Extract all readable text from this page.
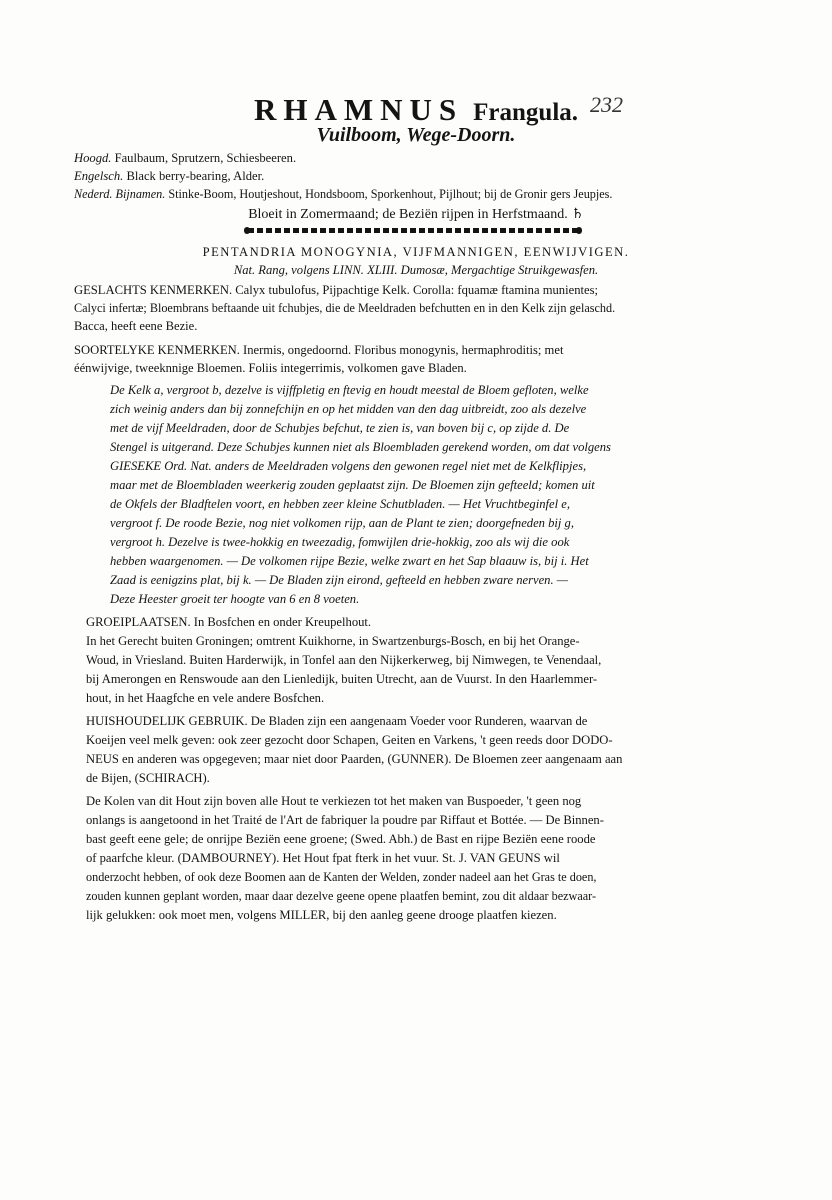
RHAMNUS Frangula. 232
Vuilboom, Wege-Doorn.
Hoogd. Faulbaum, Sprutzern, Schiesbeeren.
Engelsch. Black berry-bearing, Alder.
Nederd. Bijnamen. Stinke-Boom, Houtjeshout, Hondsboom, Sporkenhout, Pijlhout; bij de Gronir gers Jeupjes.
Bloeit in Zomermaand; de Beziën rijpen in Herfstmaand. ♄
PENTANDRIA MONOGYNIA, VIJFMANNIGEN, EENWIJVIGEN.
Nat. Rang, volgens LINN. XLIII. Dumosæ, Mergachtige Struikgewasfen.
GESLACHTS KENMERKEN. Calyx tubulofus, Pijpachtige Kelk. Corolla: fquamæ ftamina munientes;
Calyci infertæ; Bloembrans beftaande uit fchubjes, die de Meeldraden befchutten en in den Kelk zijn gelaschd.
Bacca, heeft eene Bezie.
SOORTELYKE KENMERKEN. Inermis, ongedoornd. Floribus monogynis, hermaphroditis; met
éénwijvige, tweeknnige Bloemen. Foliis integerrimis, volkomen gave Bladen.
De Kelk a, vergroot b, dezelve is vijffpletig en ftevig en houdt meestal de Bloem gefloten, welke
zich weinig anders dan bij zonnefchijn en op het midden van den dag uitbreidt, zoo als dezelve
met de vijf Meeldraden, door de Schubjes befchut, te zien is, van boven bij c, op zijde d. De
Stengel is uitgerand. Deze Schubjes kunnen niet als Bloembladen gerekend worden, om dat volgens
GIESEKE Ord. Nat. anders de Meeldraden volgens den gewonen regel niet met de Kelkflipjes,
maar met de Bloembladen weerkerig zouden geplaatst zijn. De Bloemen zijn gefteeld; komen uit
de Okfels der Bladftelen voort, en hebben zeer kleine Schutbladen. — Het Vruchtbeginfel e,
vergroot f. De roode Bezie, nog niet volkomen rijp, aan de Plant te zien; doorgefneden bij g,
vergroot h. Dezelve is twee-hokkig en tweezadig, fomwijlen drie-hokkig, zoo als wij die ook
hebben waargenomen. — De volkomen rijpe Bezie, welke zwart en het Sap blaauw is, bij i. Het
Zaad is eenigzins plat, bij k. — De Bladen zijn eirond, gefteeld en hebben zware nerven. —
Deze Heester groeit ter hoogte van 6 en 8 voeten.
GROEIPLAATSEN. In Bosfchen en onder Kreupelhout.
In het Gerecht buiten Groningen; omtrent Kuikhorne, in Swartzenburgs-Bosch, en bij het Orange-
Woud, in Vriesland. Buiten Harderwijk, in Tonfel aan den Nijkerkerweg, bij Nimwegen, te Venendaal,
bij Amerongen en Renswoude aan den Lienledijk, buiten Utrecht, aan de Vuurst. In den Haarlemmer-
hout, in het Haagfche en vele andere Bosfchen.
HUISHOUDELIJK GEBRUIK. De Bladen zijn een aangenaam Voeder voor Runderen, waarvan de
Koeijen veel melk geven: ook zeer gezocht door Schapen, Geiten en Varkens, 't geen reeds door DODO-
NEUS en anderen was opgegeven; maar niet door Paarden, (GUNNER). De Bloemen zeer aangenaam aan
de Bijen, (SCHIRACH).
De Kolen van dit Hout zijn boven alle Hout te verkiezen tot het maken van Buspoeder, 't geen nog
onlangs is aangetoond in het Traité de l'Art de fabriquer la poudre par Riffaut et Bottée. — De Binnen-
bast geeft eene gele; de onrijpe Beziën eene groene; (Swed. Abh.) de Bast en rijpe Beziën eene roode
of paarfche kleur. (DAMBOURNEY). Het Hout fpat fterk in het vuur. St. J. VAN GEUNS wil
onderzocht hebben, of ook deze Boomen aan de Kanten der Welden, zonder nadeel aan het Gras te doen,
zouden kunnen geplant worden, maar daar dezelve geene opene plaatfen bemint, zou dit aldaar bezwaar-
lijk gelukken: ook moet men, volgens MILLER, bij den aanleg geene drooge plaatfen kiezen.
